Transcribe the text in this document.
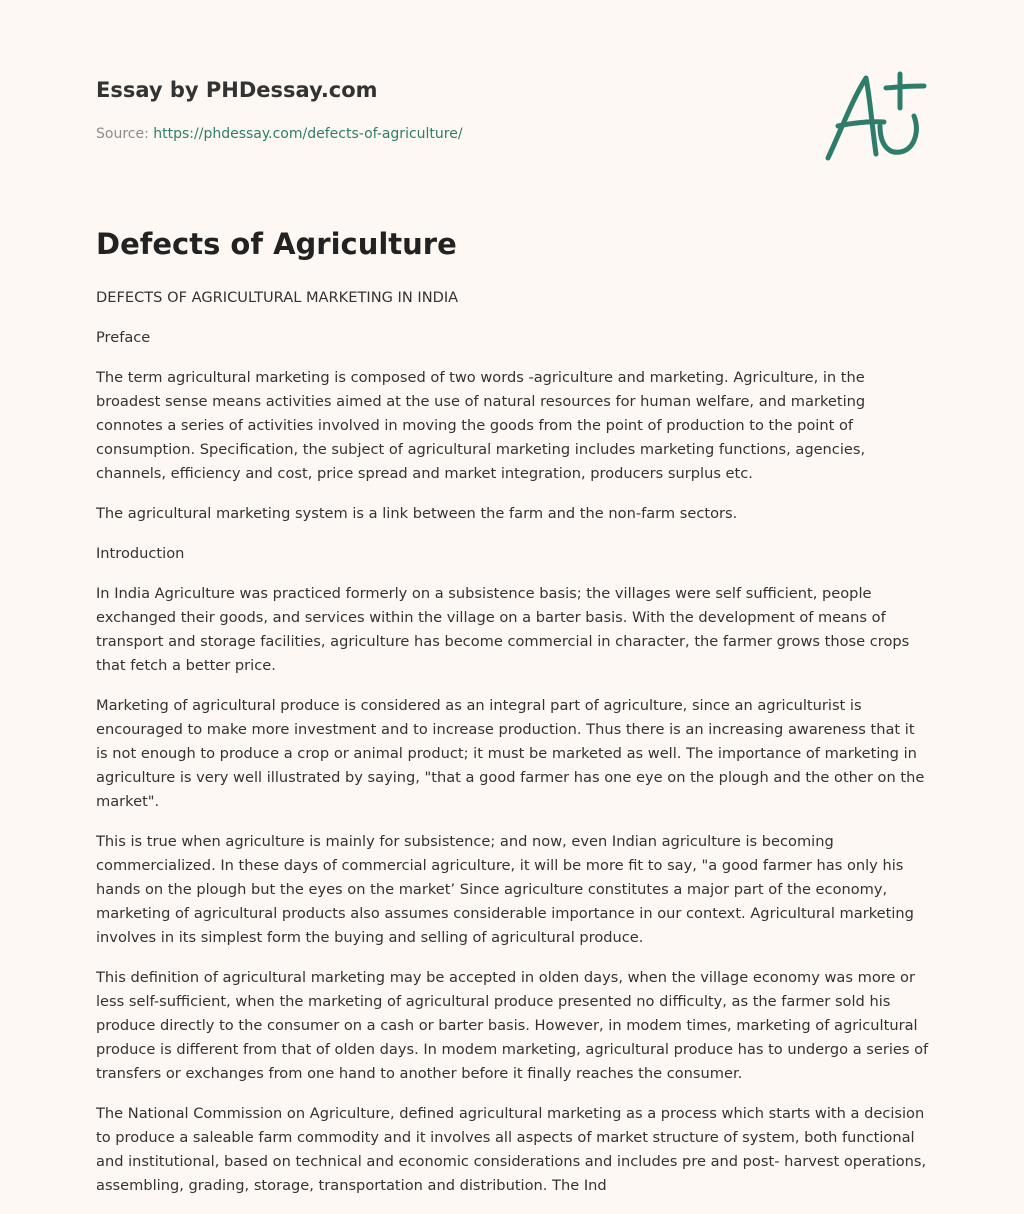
Essay by PHDessay.com
Source: https://phdessay.com/defects-of-agriculture/
Defects of Agriculture

DEFECTS OF AGRICULTURAL MARKETING IN INDIA

Preface

The term agricultural marketing is composed of two words -agriculture and marketing. Agriculture, in the broadest sense means activities aimed at the use of natural resources for human welfare, and marketing connotes a series of activities involved in moving the goods from the point of production to the point of consumption. Specification, the subject of agricultural marketing includes marketing functions, agencies, channels, efficiency and cost, price spread and market integration, producers surplus etc.

The agricultural marketing system is a link between the farm and the non-farm sectors.

Introduction

In India Agriculture was practiced formerly on a subsistence basis; the villages were self sufficient, people exchanged their goods, and services within the village on a barter basis. With the development of means of transport and storage facilities, agriculture has become commercial in character, the farmer grows those crops that fetch a better price.

Marketing of agricultural produce is considered as an integral part of agriculture, since an agriculturist is encouraged to make more investment and to increase production. Thus there is an increasing awareness that it is not enough to produce a crop or animal product; it must be marketed as well. The importance of marketing in agriculture is very well illustrated by saying, "that a good farmer has one eye on the plough and the other on the market".

This is true when agriculture is mainly for subsistence; and now, even Indian agriculture is becoming commercialized. In these days of commercial agriculture, it will be more fit to say, "a good farmer has only his hands on the plough but the eyes on the market’ Since agriculture constitutes a major part of the economy, marketing of agricultural products also assumes considerable importance in our context. Agricultural marketing involves in its simplest form the buying and selling of agricultural produce.

This definition of agricultural marketing may be accepted in olden days, when the village economy was more or less self-sufficient, when the marketing of agricultural produce presented no difficulty, as the farmer sold his produce directly to the consumer on a cash or barter basis. However, in modem times, marketing of agricultural produce is different from that of olden days. In modem marketing, agricultural produce has to undergo a series of transfers or exchanges from one hand to another before it finally reaches the consumer.

The National Commission on Agriculture, defined agricultural marketing as a process which starts with a decision to produce a saleable farm commodity and it involves all aspects of market structure of system, both functional and institutional, based on technical and economic considerations and includes pre and post- harvest operations, assembling, grading, storage, transportation and distribution. The Ind
